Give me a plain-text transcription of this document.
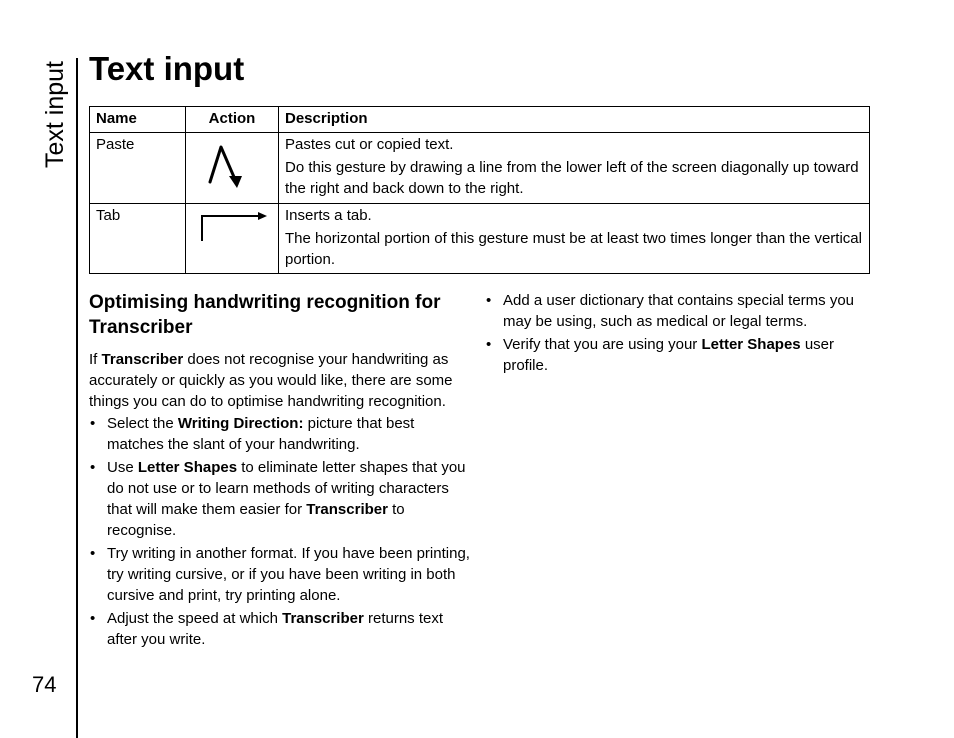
Text input
74
Text input
Name	Action	Description
Paste		Pastes cut or copied text.
Do this gesture by drawing a line from the lower left of the screen diagonally up toward the right and back down to the right.

Tab		Inserts a tab.
The horizontal portion of this gesture must be at least two times longer than the vertical portion.
Optimising handwriting recognition for Transcriber

If Transcriber does not recognise your handwriting as accurately or quickly as you would like, there are some things you can do to optimise handwriting recognition.

• Select the Writing Direction: picture that best matches the slant of your handwriting.
• Use Letter Shapes to eliminate letter shapes that you do not use or to learn methods of writing characters that will make them easier for Transcriber to recognise.
• Try writing in another format. If you have been printing, try writing cursive, or if you have been writing in both cursive and print, try printing alone.
• Adjust the speed at which Transcriber returns text after you write.
• Add a user dictionary that contains special terms you may be using, such as medical or legal terms.
• Verify that you are using your Letter Shapes user profile.
